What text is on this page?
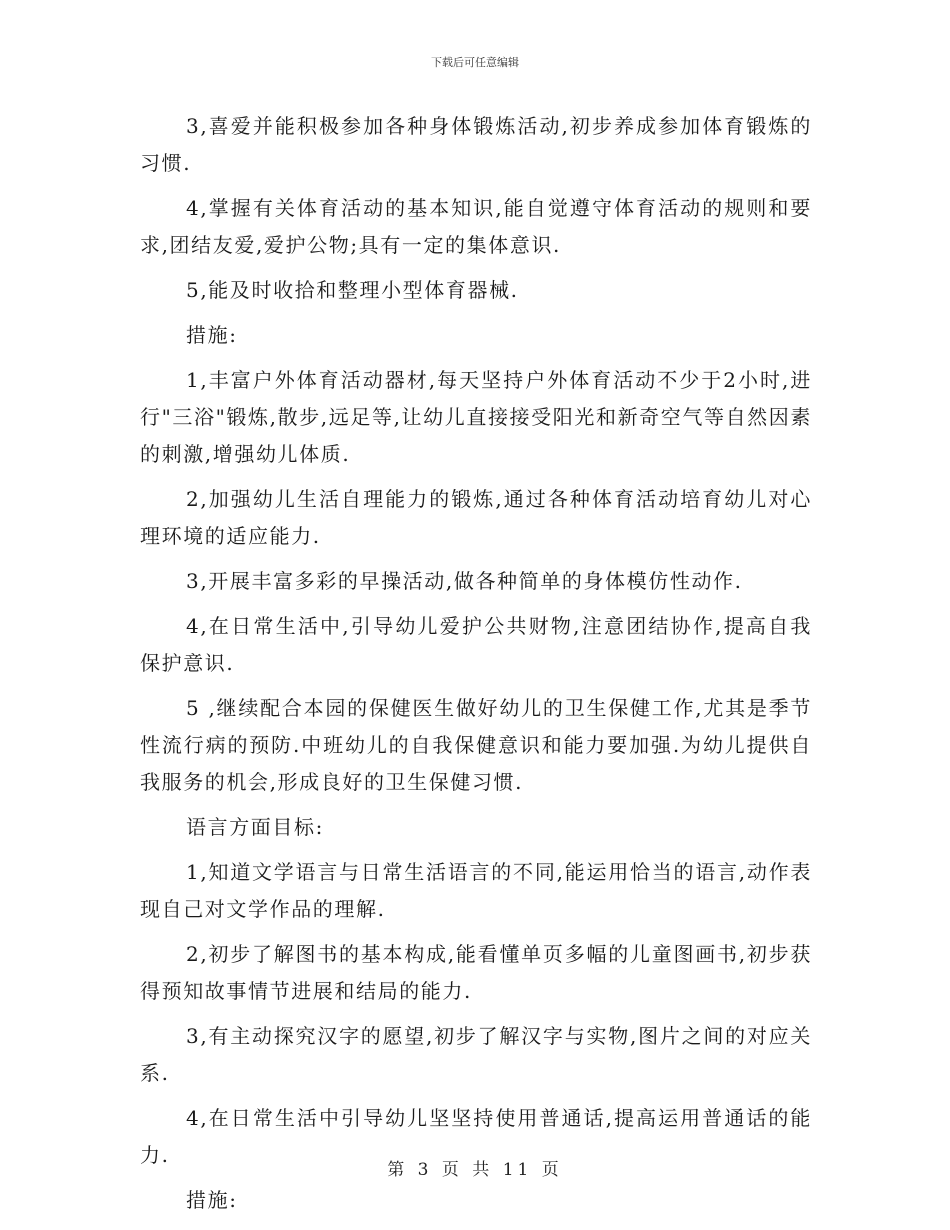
下载后可任意编辑

3,喜爱并能积极参加各种身体锻炼活动,初步养成参加体育锻炼的习惯.

4,掌握有关体育活动的基本知识,能自觉遵守体育活动的规则和要求,团结友爱,爱护公物;具有一定的集体意识.

5,能及时收拾和整理小型体育器械.

措施:

1,丰富户外体育活动器材,每天坚持户外体育活动不少于2小时,进行"三浴"锻炼,散步,远足等,让幼儿直接接受阳光和新奇空气等自然因素的刺激,增强幼儿体质.

2,加强幼儿生活自理能力的锻炼,通过各种体育活动培育幼儿对心理环境的适应能力.

3,开展丰富多彩的早操活动,做各种简单的身体模仿性动作.

4,在日常生活中,引导幼儿爱护公共财物,注意团结协作,提高自我保护意识.

5 ,继续配合本园的保健医生做好幼儿的卫生保健工作,尤其是季节性流行病的预防.中班幼儿的自我保健意识和能力要加强.为幼儿提供自我服务的机会,形成良好的卫生保健习惯.

语言方面目标:

1,知道文学语言与日常生活语言的不同,能运用恰当的语言,动作表现自己对文学作品的理解.

2,初步了解图书的基本构成,能看懂单页多幅的儿童图画书,初步获得预知故事情节进展和结局的能力.

3,有主动探究汉字的愿望,初步了解汉字与实物,图片之间的对应关系.

4,在日常生活中引导幼儿坚坚持使用普通话,提高运用普通话的能力.

措施:

第 3 页 共 11 页
